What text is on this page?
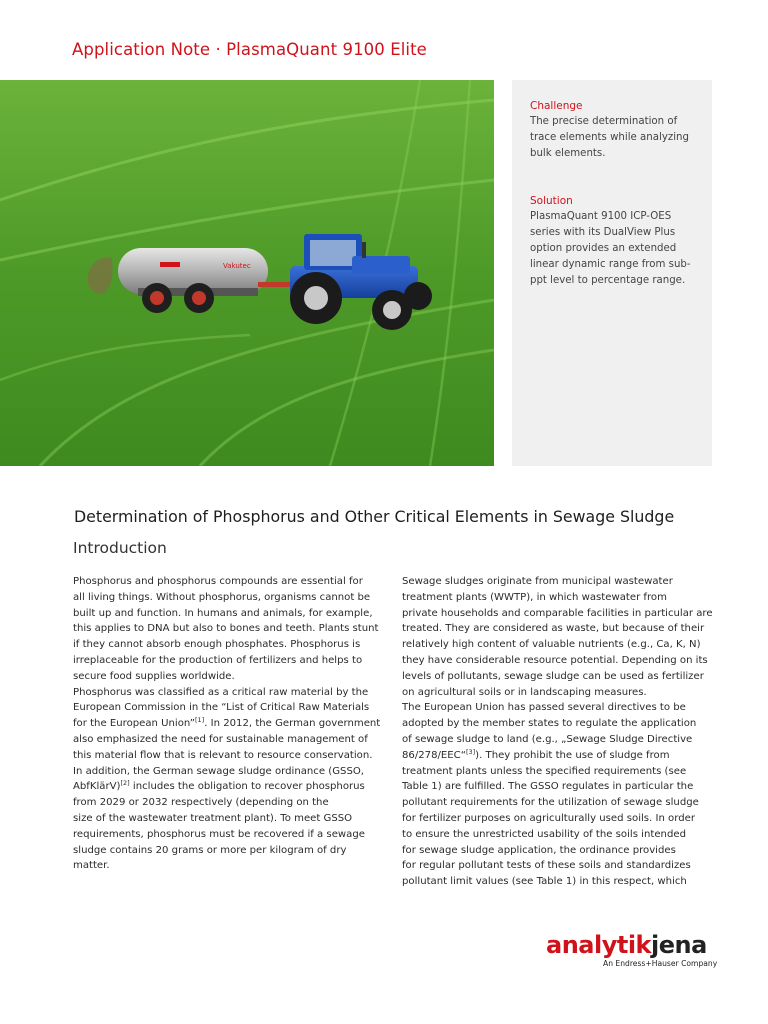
Application Note · PlasmaQuant 9100 Elite
Vakutec
Challenge
The precise determination of
trace elements while analyzing
bulk elements.
Solution
PlasmaQuant 9100 ICP-OES
series with its DualView Plus
option provides an extended
linear dynamic range from sub-
ppt level to percentage range.
Determination of Phosphorus and Other Critical Elements in Sewage Sludge
Introduction
Phosphorus and phosphorus compounds are essential for
all living things. Without phosphorus, organisms cannot be
built up and function. In humans and animals, for example,
this applies to DNA but also to bones and teeth. Plants stunt
if they cannot absorb enough phosphates. Phosphorus is
irreplaceable for the production of fertilizers and helps to
secure food supplies worldwide.
Phosphorus was classified as a critical raw material by the
European Commission in the “List of Critical Raw Materials
for the European Union”[1]. In 2012, the German government
also emphasized the need for sustainable management of
this material flow that is relevant to resource conservation.
In addition, the German sewage sludge ordinance (GSSO,
AbfKlärV)[2] includes the obligation to recover phosphorus
from 2029 or 2032 respectively (depending on the
size of the wastewater treatment plant). To meet GSSO
requirements, phosphorus must be recovered if a sewage
sludge contains 20 grams or more per kilogram of dry
matter.
Sewage sludges originate from municipal wastewater
treatment plants (WWTP), in which wastewater from
private households and comparable facilities in particular are
treated. They are considered as waste, but because of their
relatively high content of valuable nutrients (e.g., Ca, K, N)
they have considerable resource potential. Depending on its
levels of pollutants, sewage sludge can be used as fertilizer
on agricultural soils or in landscaping measures.
The European Union has passed several directives to be
adopted by the member states to regulate the application
of sewage sludge to land (e.g., „Sewage Sludge Directive
86/278/EEC“[3]). They prohibit the use of sludge from
treatment plants unless the specified requirements (see
Table 1) are fulfilled. The GSSO regulates in particular the
pollutant requirements for the utilization of sewage sludge
for fertilizer purposes on agriculturally used soils. In order
to ensure the unrestricted usability of the soils intended
for sewage sludge application, the ordinance provides
for regular pollutant tests of these soils and standardizes
pollutant limit values (see Table 1) in this respect, which
analytikjena
An Endress+Hauser Company
